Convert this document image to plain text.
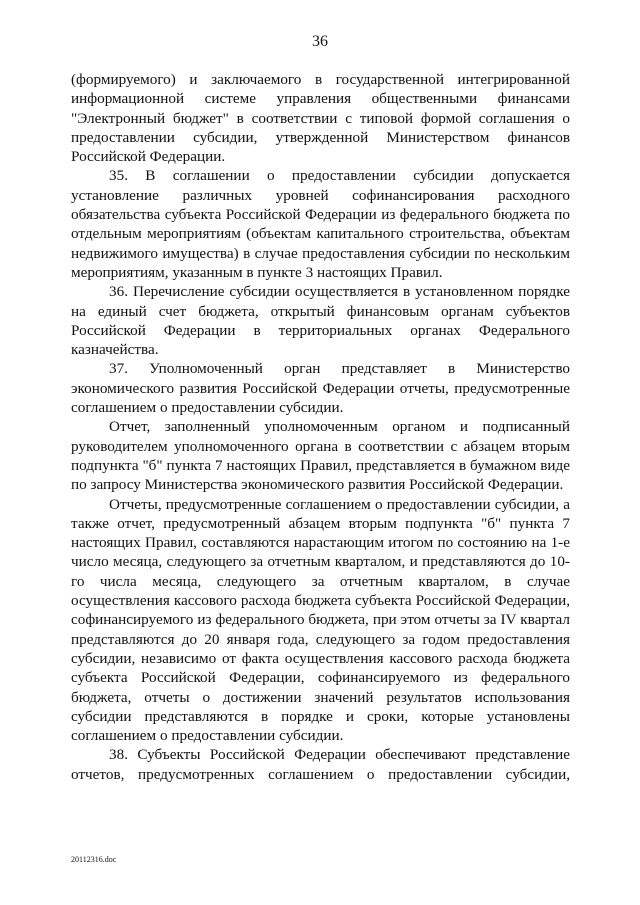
36

(формируемого) и заключаемого в государственной интегрированной информационной системе управления общественными финансами "Электронный бюджет" в соответствии с типовой формой соглашения о предоставлении субсидии, утвержденной Министерством финансов Российской Федерации.

35. В соглашении о предоставлении субсидии допускается установление различных уровней софинансирования расходного обязательства субъекта Российской Федерации из федерального бюджета по отдельным мероприятиям (объектам капитального строительства, объектам недвижимого имущества) в случае предоставления субсидии по нескольким мероприятиям, указанным в пункте 3 настоящих Правил.

36. Перечисление субсидии осуществляется в установленном порядке на единый счет бюджета, открытый финансовым органам субъектов Российской Федерации в территориальных органах Федерального казначейства.

37. Уполномоченный орган представляет в Министерство экономического развития Российской Федерации отчеты, предусмотренные соглашением о предоставлении субсидии.

Отчет, заполненный уполномоченным органом и подписанный руководителем уполномоченного органа в соответствии с абзацем вторым подпункта "б" пункта 7 настоящих Правил, представляется в бумажном виде по запросу Министерства экономического развития Российской Федерации.

Отчеты, предусмотренные соглашением о предоставлении субсидии, а также отчет, предусмотренный абзацем вторым подпункта "б" пункта 7 настоящих Правил, составляются нарастающим итогом по состоянию на 1-е число месяца, следующего за отчетным кварталом, и представляются до 10-го числа месяца, следующего за отчетным кварталом, в случае осуществления кассового расхода бюджета субъекта Российской Федерации, софинансируемого из федерального бюджета, при этом отчеты за IV квартал представляются до 20 января года, следующего за годом предоставления субсидии, независимо от факта осуществления кассового расхода бюджета субъекта Российской Федерации, софинансируемого из федерального бюджета, отчеты о достижении значений результатов использования субсидии представляются в порядке и сроки, которые установлены соглашением о предоставлении субсидии.

38. Субъекты Российской Федерации обеспечивают представление отчетов, предусмотренных соглашением о предоставлении субсидии,

20112316.doc
